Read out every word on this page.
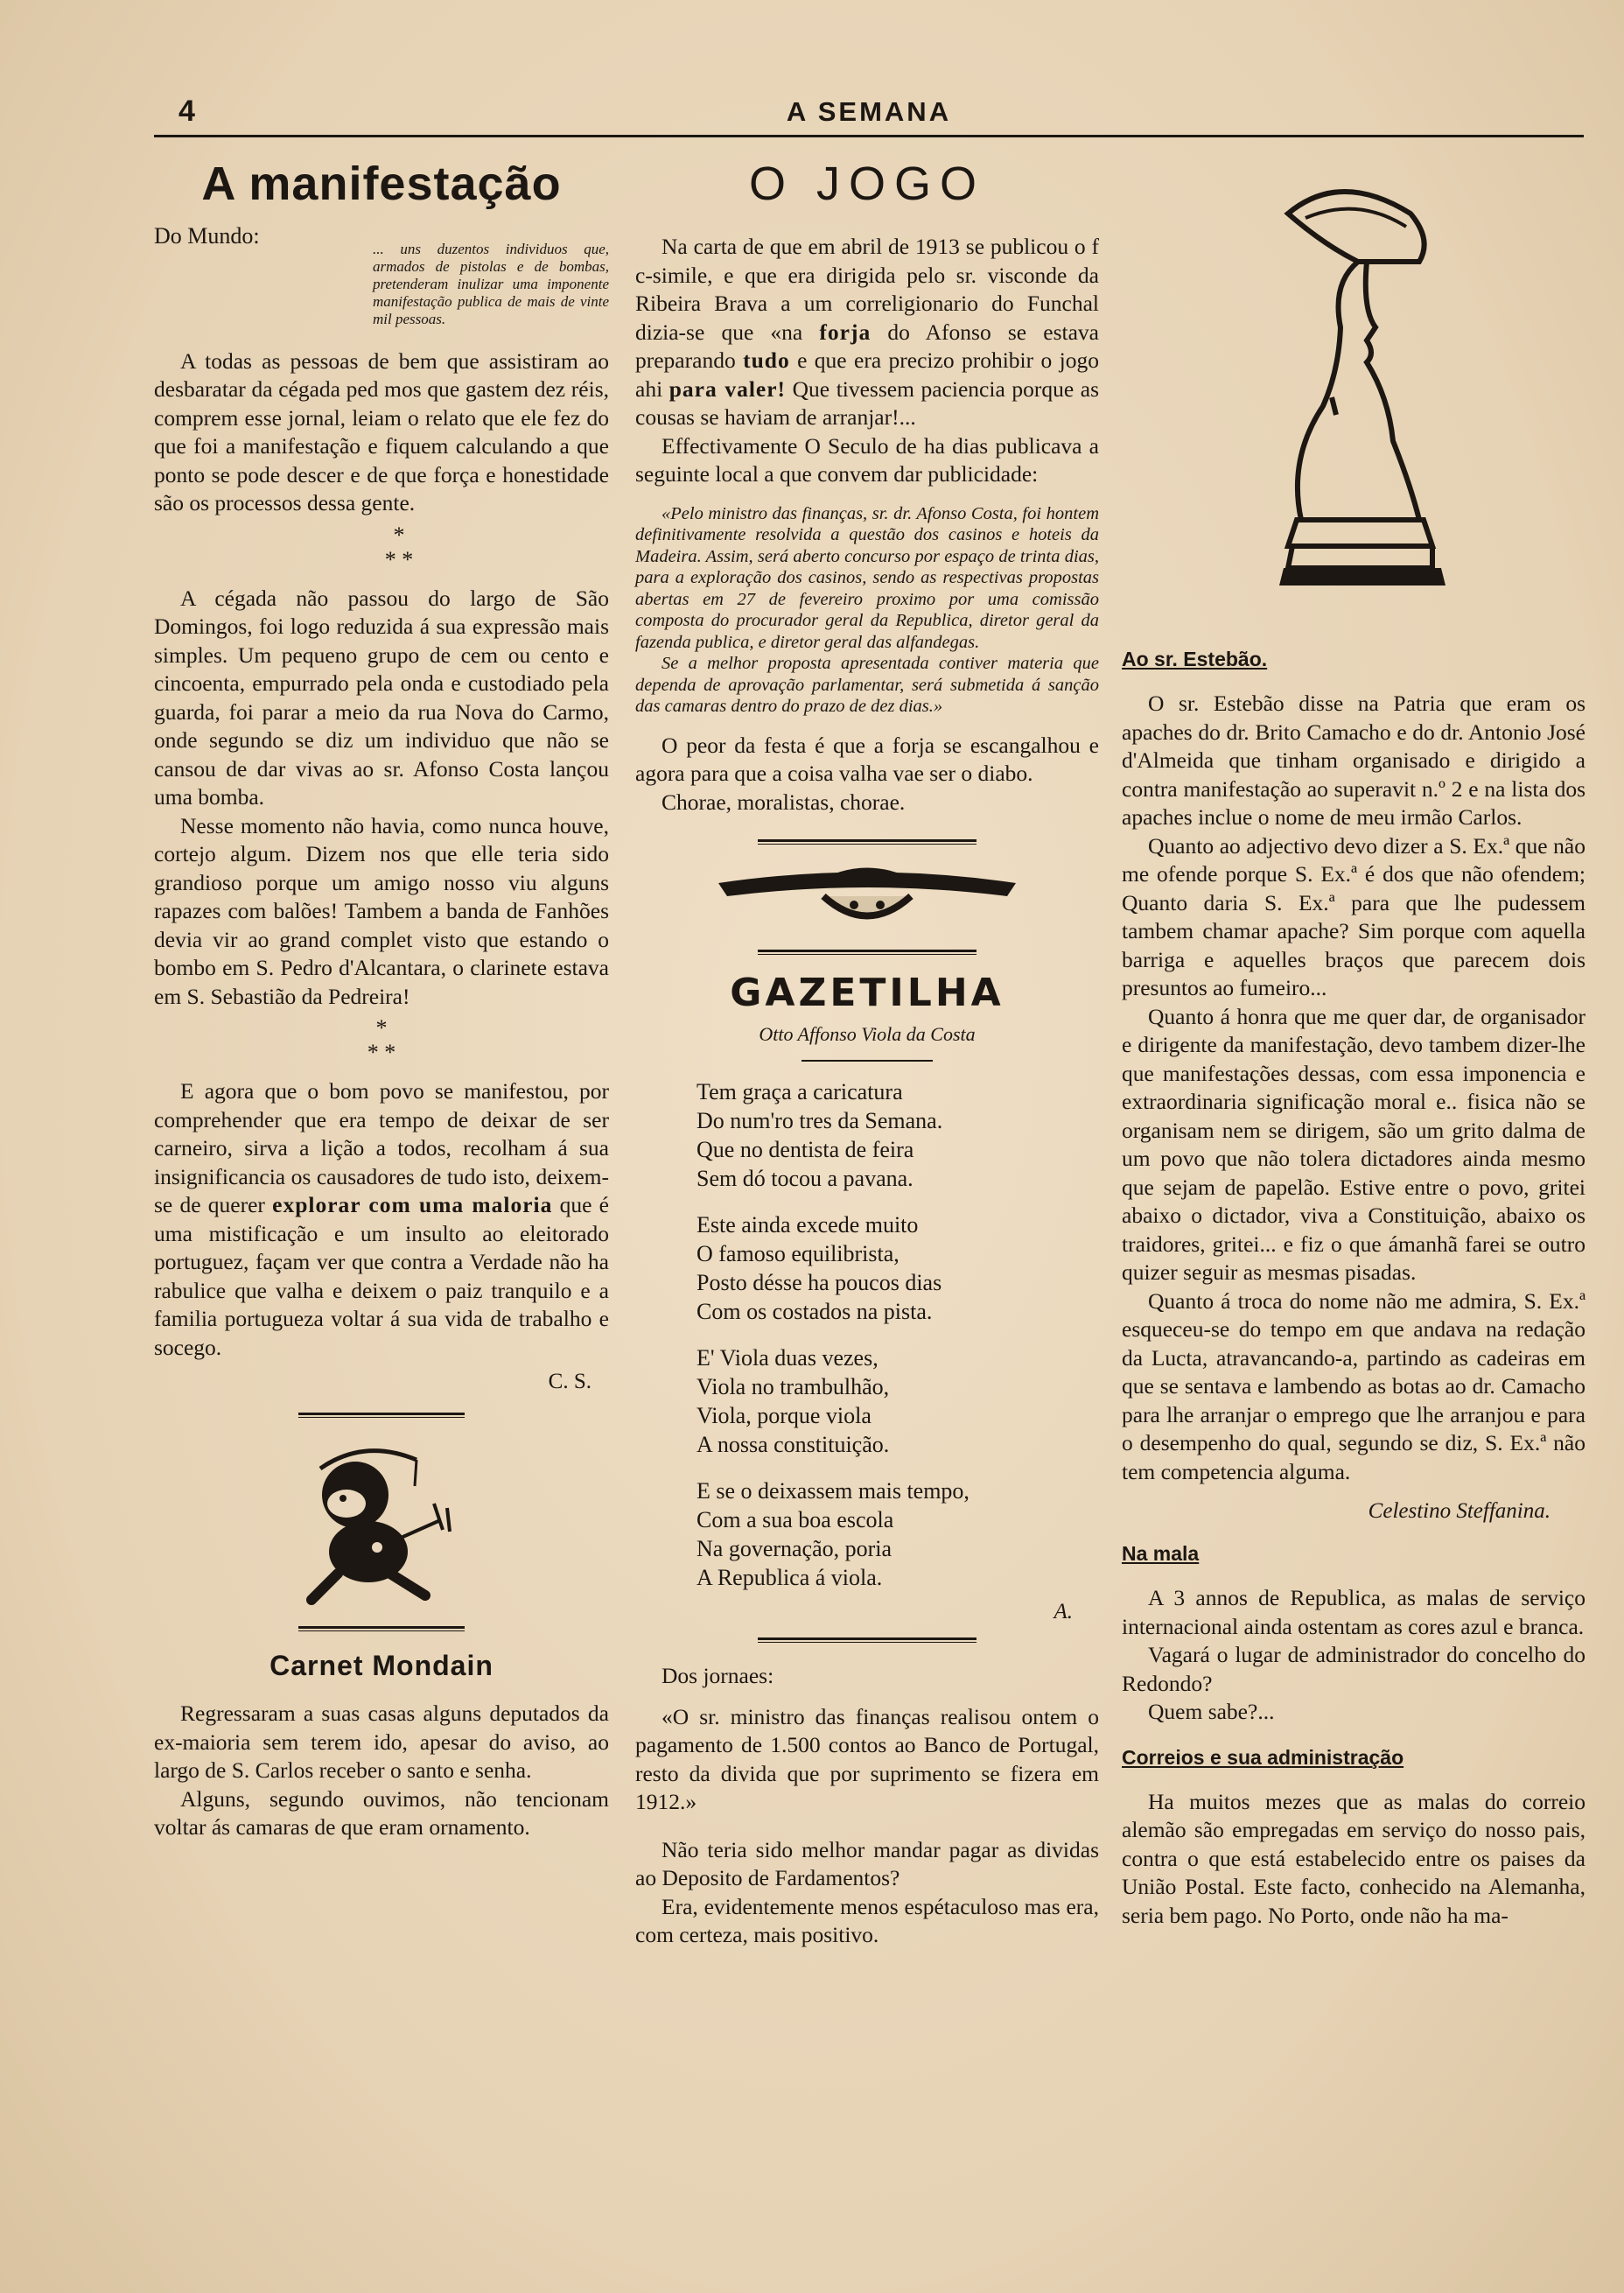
4	A SEMANA
A manifestação

Do Mundo:	... uns duzentos individuos que, armados de pistolas e de bombas, pretenderam inulizar uma imponente manifestação publica de mais de vinte mil pessoas.

A todas as pessoas de bem que assistiram ao desbaratar da cégada ped mos que gastem dez réis, comprem esse jornal, leiam o relato que ele fez do que foi a manifestação e fiquem calculando a que ponto se pode descer e de que força e honestidade são os processos dessa gente.

*
* *

A cégada não passou do largo de São Domingos, foi logo reduzida á sua expressão mais simples. Um pequeno grupo de cem ou cento e cincoenta, empurrado pela onda e custodiado pela guarda, foi parar a meio da rua Nova do Carmo, onde segundo se diz um individuo que não se cansou de dar vivas ao sr. Afonso Costa lançou uma bomba.

Nesse momento não havia, como nunca houve, cortejo algum. Dizem nos que elle teria sido grandioso porque um amigo nosso viu alguns rapazes com balões! Tambem a banda de Fanhões devia vir ao grand complet visto que estando o bombo em S. Pedro d'Alcantara, o clarinete estava em S. Sebastião da Pedreira!

*
* *

E agora que o bom povo se manifestou, por comprehender que era tempo de deixar de ser carneiro, sirva a lição a todos, recolham á sua insignificancia os causadores de tudo isto, deixem-se de querer explorar com uma maloria que é uma mistificação e um insulto ao eleitorado portuguez, façam ver que contra a Verdade não ha rabulice que valha e deixem o paiz tranquilo e a familia portugueza voltar á sua vida de trabalho e socego.

C. S.
Carnet Mondain

Regressaram a suas casas alguns deputados da ex-maioria sem terem ido, apesar do aviso, ao largo de S. Carlos receber o santo e senha.

Alguns, segundo ouvimos, não tencionam voltar ás camaras de que eram ornamento.

O JOGO

Na carta de que em abril de 1913 se publicou o f c-simile, e que era dirigida pelo sr. visconde da Ribeira Brava a um correligionario do Funchal dizia-se que «na forja do Afonso se estava preparando tudo e que era precizo prohibir o jogo ahi para valer! Que tivessem paciencia porque as cousas se haviam de arranjar!...

Effectivamente O Seculo de ha dias publicava a seguinte local a que convem dar publicidade:

«Pelo ministro das finanças, sr. dr. Afonso Costa, foi hontem definitivamente resolvida a questão dos casinos e hoteis da Madeira. Assim, será aberto concurso por espaço de trinta dias, para a exploração dos casinos, sendo as respectivas propostas abertas em 27 de fevereiro proximo por uma comissão composta do procurador geral da Republica, diretor geral da fazenda publica, e diretor geral das alfandegas.

Se a melhor proposta apresentada contiver materia que dependa de aprovação parlamentar, será submetida á sanção das camaras dentro do prazo de dez dias.»

O peor da festa é que a forja se escangalhou e agora para que a coisa valha vae ser o diabo.

Chorae, moralistas, chorae.

GAZETILHA
Otto Affonso Viola da Costa
Tem graça a caricatura
Do num'ro tres da Semana.
Que no dentista de feira
Sem dó tocou a pavana.
Este ainda excede muito
O famoso equilibrista,
Posto désse ha poucos dias
Com os costados na pista.
E' Viola duas vezes,
Viola no trambulhão,
Viola, porque viola
A nossa constituição.
E se o deixassem mais tempo,
Com a sua boa escola
Na governação, poria
A Republica á viola.
A.

Dos jornaes:

«O sr. ministro das finanças realisou ontem o pagamento de 1.500 contos ao Banco de Portugal, resto da divida que por suprimento se fizera em 1912.»

Não teria sido melhor mandar pagar as dividas ao Deposito de Fardamentos?

Era, evidentemente menos espétaculoso mas era, com certeza, mais positivo.

Ao sr. Estebão.

O sr. Estebão disse na Patria que eram os apaches do dr. Brito Camacho e do dr. Antonio José d'Almeida que tinham organisado e dirigido a contra manifestação ao superavit n.º 2 e na lista dos apaches inclue o nome de meu irmão Carlos.

Quanto ao adjectivo devo dizer a S. Ex.ª que não me ofende porque S. Ex.ª é dos que não ofendem; Quanto daria S. Ex.ª para que lhe pudessem tambem chamar apache? Sim porque com aquella barriga e aquelles braços que parecem dois presuntos ao fumeiro...

Quanto á honra que me quer dar, de organisador e dirigente da manifestação, devo tambem dizer-lhe que manifestações dessas, com essa imponencia e extraordinaria significação moral e.. fisica não se organisam nem se dirigem, são um grito dalma de um povo que não tolera dictadores ainda mesmo que sejam de papelão. Estive entre o povo, gritei abaixo o dictador, viva a Constituição, abaixo os traidores, gritei... e fiz o que ámanhã farei se outro quizer seguir as mesmas pisadas.

Quanto á troca do nome não me admira, S. Ex.ª esqueceu-se do tempo em que andava na redação da Lucta, atravancando-a, partindo as cadeiras em que se sentava e lambendo as botas ao dr. Camacho para lhe arranjar o emprego que lhe arranjou e para o desempenho do qual, segundo se diz, S. Ex.ª não tem competencia alguma.

Celestino Steffanina.
Na mala

A 3 annos de Republica, as malas de serviço internacional ainda ostentam as cores azul e branca.

Vagará o lugar de administrador do concelho do Redondo?

Quem sabe?...

Correios e sua administração

Ha muitos mezes que as malas do correio alemão são empregadas em serviço do nosso pais, contra o que está estabelecido entre os paises da União Postal. Este facto, conhecido na Alemanha, seria bem pago. No Porto, onde não ha ma-
